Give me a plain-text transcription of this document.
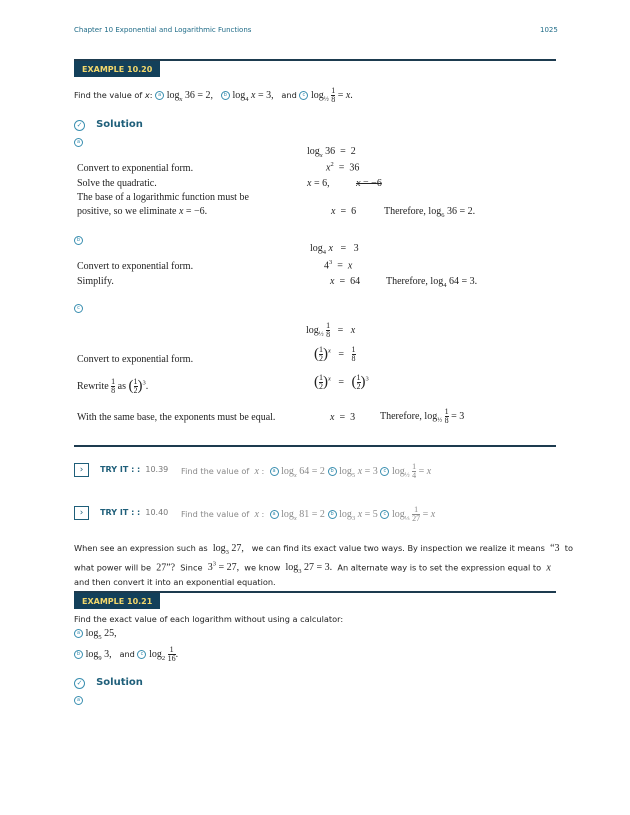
Chapter 10 Exponential and Logarithmic Functions	1025
EXAMPLE 10.20
Find the value of x: a $\log_x 36 = 2$, b $\log_4 x = 3$, and c $\log_{\frac{1}{2}} \frac{1}{8} = x$.
✓ Solution
a
$\log_x 36 = 2$
Convert to exponential form.	$x^2 = 36$
Solve the quadratic.	x = 6, x = −6
The base of a logarithmic function must be
positive, so we eliminate x = −6.	x  =  6	Therefore, $\log_6 36 = 2$.
b
$\log_4 x = 3$
Convert to exponential form.	$4^3 = x$
Simplify.	x  =  64	Therefore, $\log_4 64 = 3$.
c
$\log_{\frac{1}{2}} \frac{1}{8} = x$
Convert to exponential form.	( $\frac{1}{2} )^x = \frac{1}{8}$
Rewrite $\frac{1}{8}$ as ( $\frac{1}{2} )^3$.	( $\frac{1}{2} )^x$   =   ( $\frac{1}{2} )^3$
With the same base, the exponents must be equal.	x  =  3 Therefore, $\log_{\frac{1}{2}} \frac{1}{8} = 3$
› TRY IT : : 10.39 Find the value of  x :  a $\log_x 64 = 2$ b $\log_5 x = 3$ c $\log_{\frac{1}{2}} \frac{1}{4} = x$
› TRY IT : : 10.40 Find the value of  x :  a $\log_x 81 = 2$ b $\log_3 x = 5$ c $\log_{\frac{1}{3}} \frac{1}{27} = x$
When see an expression such as  $\log_3 27$,   we can find its exact value two ways. By inspection we realize it means  “3  to
what power will be  27”?  Since  $3^3 = 27$,  we know  $\log_3 27 = 3$.  An alternate way is to set the expression equal to  x
and then convert it into an exponential equation.
EXAMPLE 10.21
Find the exact value of each logarithm without using a calculator:
a $\log_5 25$,
b $\log_9 3$, and c $\log_2 \frac{1}{16}$ .
✓ Solution
a
